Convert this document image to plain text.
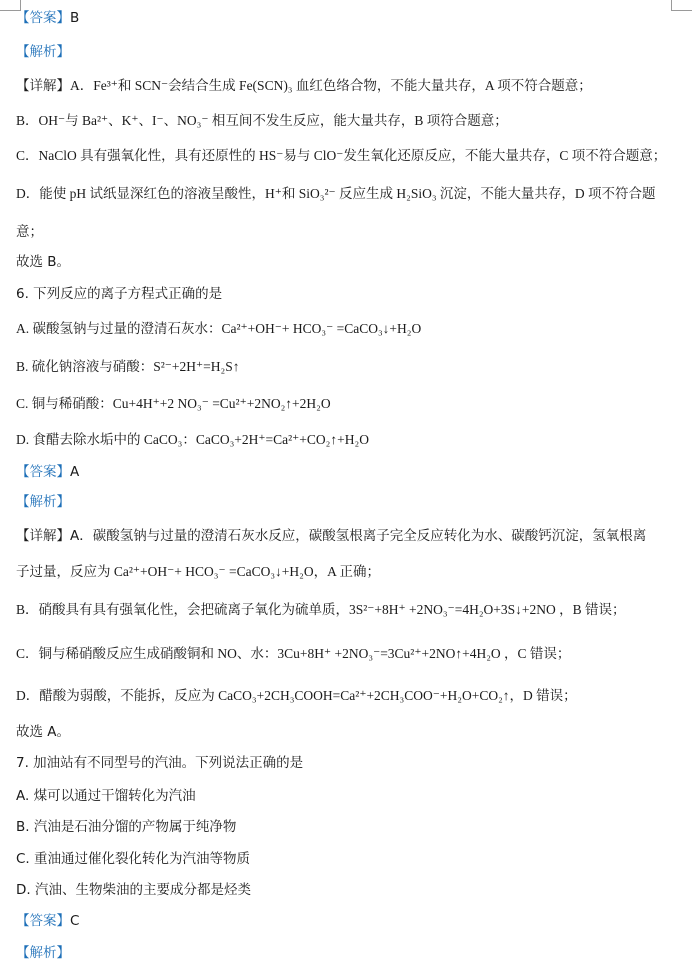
【答案】B
【解析】
【详解】A．Fe³⁺和 SCN⁻会结合生成 Fe(SCN)₃ 血红色络合物，不能大量共存，A 项不符合题意；
B．OH⁻与 Ba²⁺、K⁺、I⁻、NO₃⁻ 相互间不发生反应，能大量共存，B 项符合题意；
C．NaClO 具有强氧化性，具有还原性的 HS⁻易与 ClO⁻发生氧化还原反应，不能大量共存，C 项不符合题意；
D．能使 pH 试纸显深红色的溶液呈酸性，H⁺和 SiO₃²⁻ 反应生成 H₂SiO₃ 沉淀，不能大量共存，D 项不符合题
意；
故选 B。
6. 下列反应的离子方程式正确的是
A. 碳酸氢钠与过量的澄清石灰水：Ca²⁺+OH⁻+ HCO₃⁻ =CaCO₃↓+H₂O
B. 硫化钠溶液与硝酸：S²⁻+2H⁺=H₂S↑
C. 铜与稀硝酸：Cu+4H⁺+2 NO₃⁻ =Cu²⁺+2NO₂↑+2H₂O
D. 食醋去除水垢中的 CaCO₃：CaCO₃+2H⁺=Ca²⁺+CO₂↑+H₂O
【答案】A
【解析】
【详解】A．碳酸氢钠与过量的澄清石灰水反应，碳酸氢根离子完全反应转化为水、碳酸钙沉淀，氢氧根离
子过量，反应为 Ca²⁺+OH⁻+ HCO₃⁻ =CaCO₃↓+H₂O，A 正确；
B．硝酸具有具有强氧化性，会把硫离子氧化为硫单质，3S²⁻+8H⁺ +2NO₃⁻=4H₂O+3S↓+2NO ，B 错误；
C．铜与稀硝酸反应生成硝酸铜和 NO、水：3Cu+8H⁺ +2NO₃⁻=3Cu²⁺+2NO↑+4H₂O ，C 错误；
D．醋酸为弱酸，不能拆，反应为 CaCO₃+2CH₃COOH=Ca²⁺+2CH₃COO⁻+H₂O+CO₂↑，D 错误；
故选 A。
7. 加油站有不同型号的汽油。下列说法正确的是
A. 煤可以通过干馏转化为汽油
B. 汽油是石油分馏的产物属于纯净物
C. 重油通过催化裂化转化为汽油等物质
D. 汽油、生物柴油的主要成分都是烃类
【答案】C
【解析】
